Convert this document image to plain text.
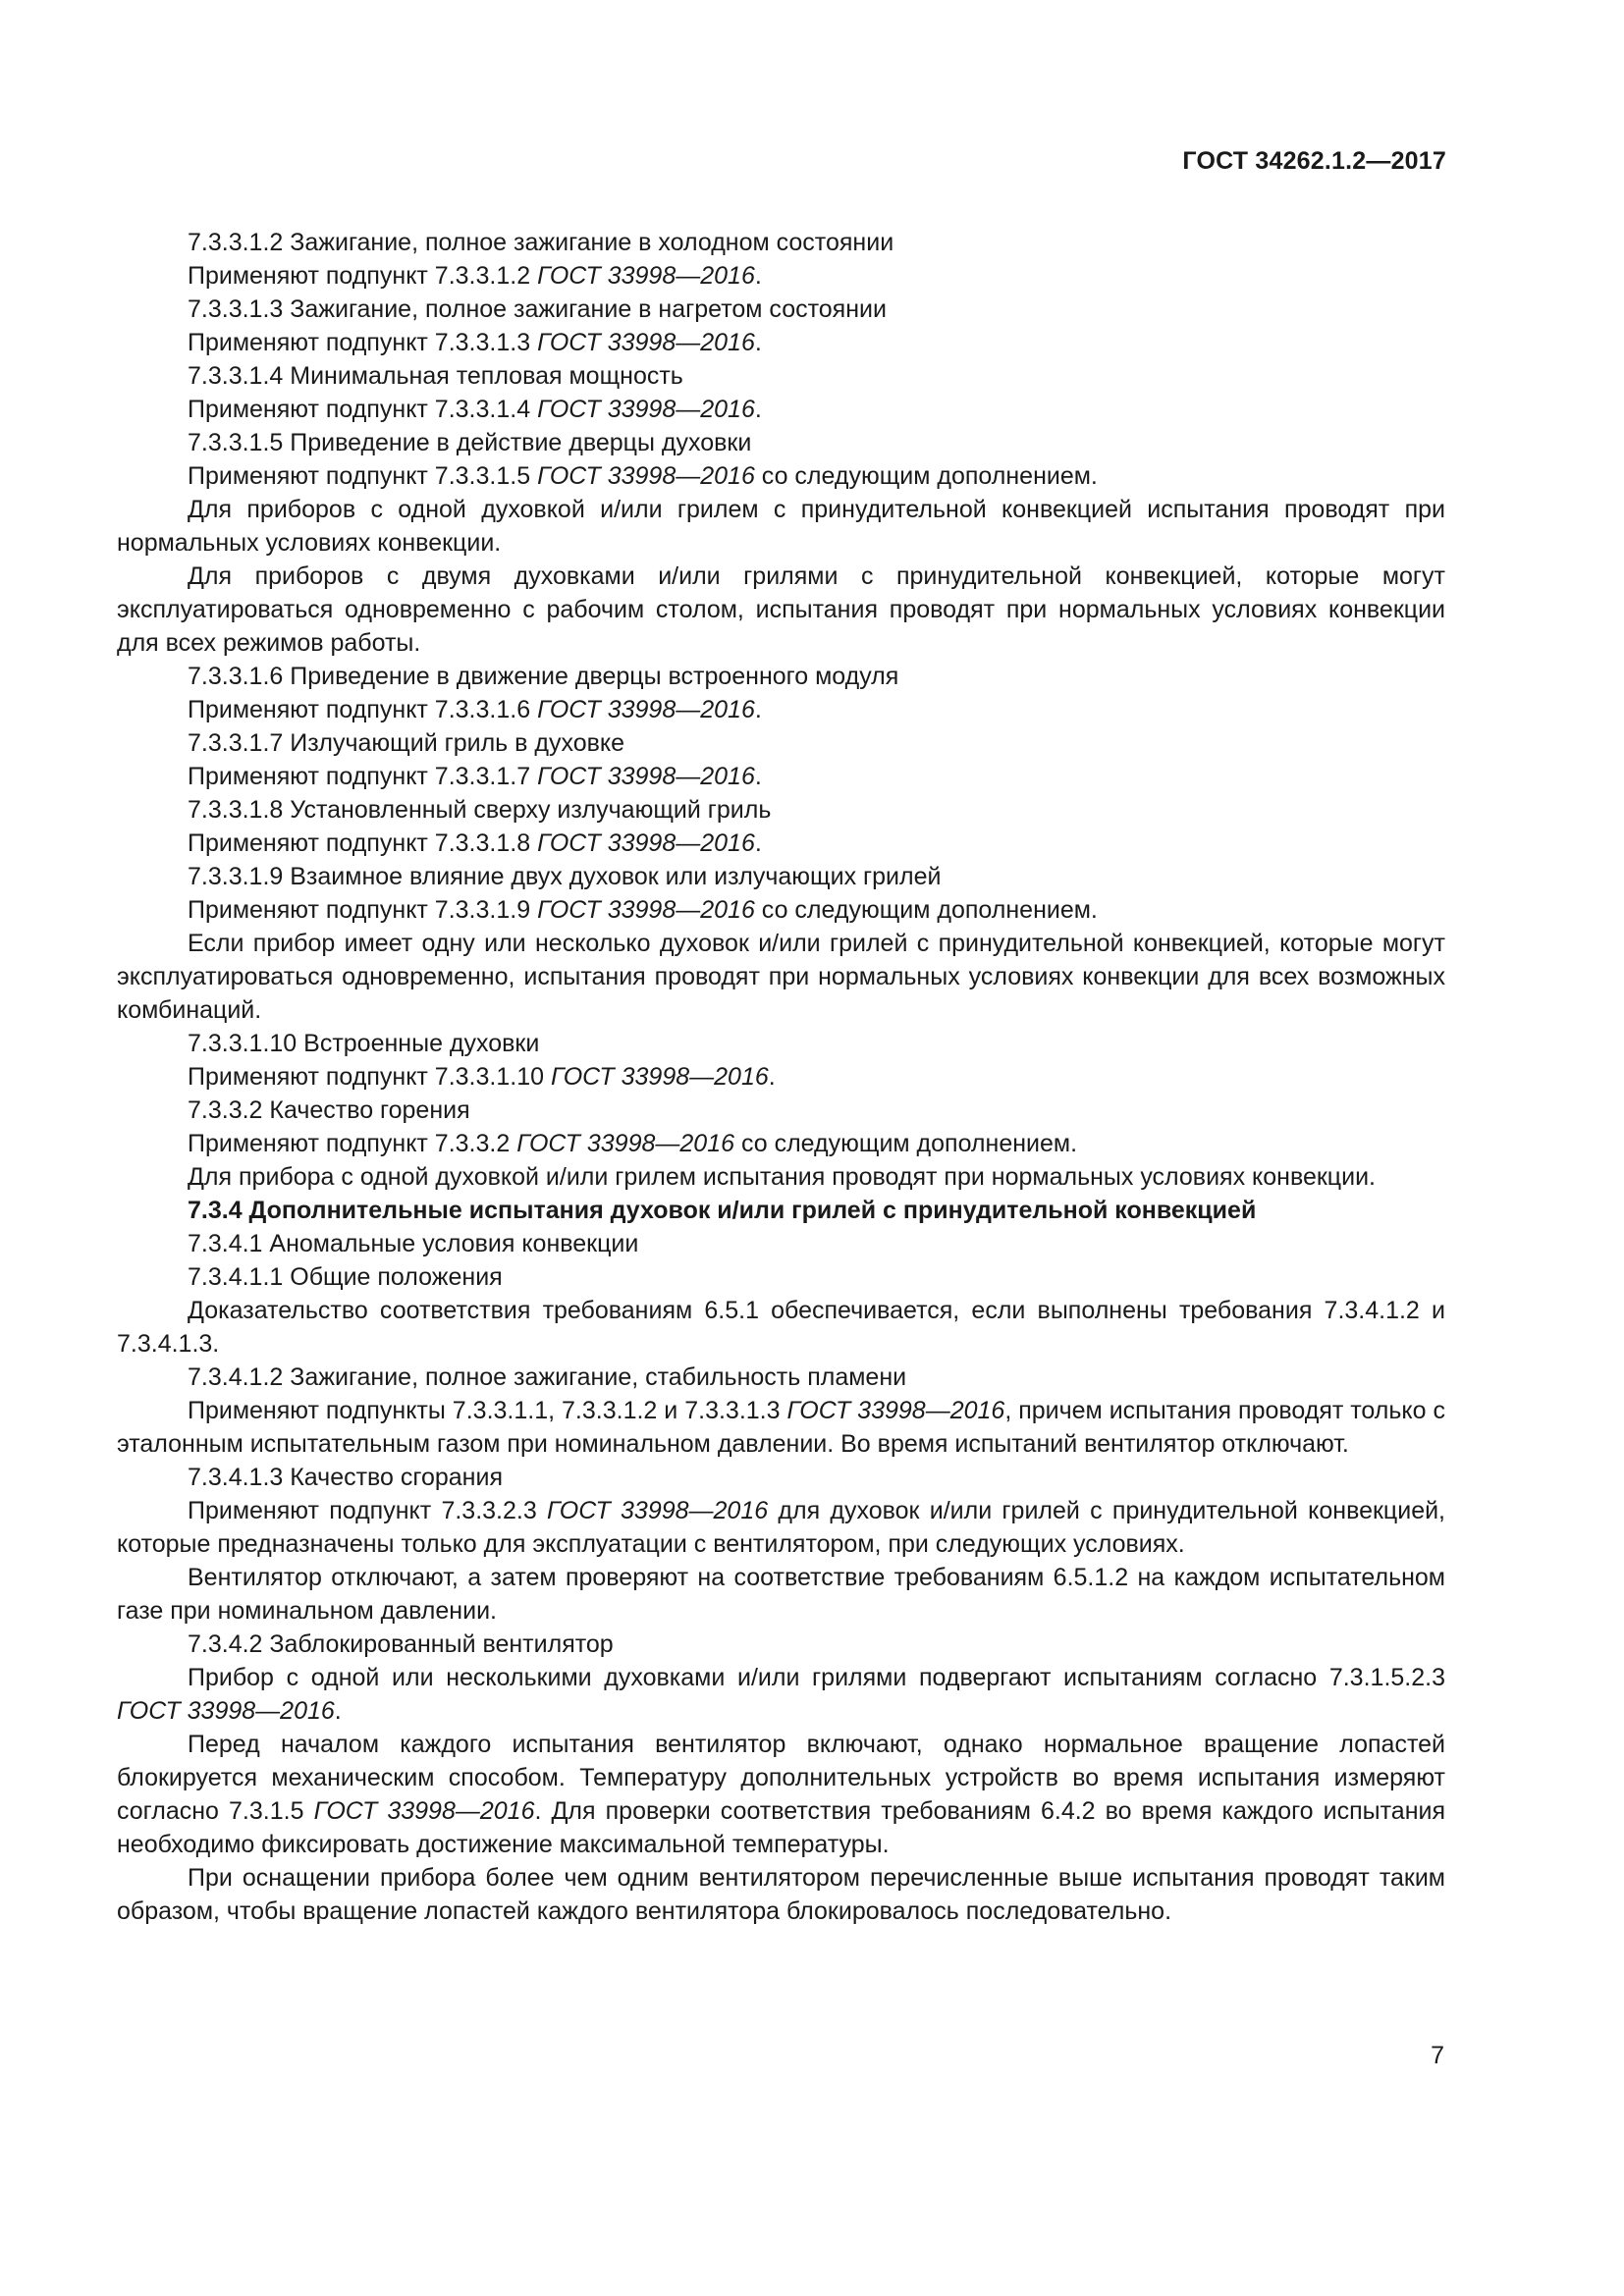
ГОСТ 34262.1.2—2017

7.3.3.1.2 Зажигание, полное зажигание в холодном состоянии

Применяют подпункт 7.3.3.1.2 ГОСТ 33998—2016.

7.3.3.1.3 Зажигание, полное зажигание в нагретом состоянии

Применяют подпункт 7.3.3.1.3 ГОСТ 33998—2016.

7.3.3.1.4 Минимальная тепловая мощность

Применяют подпункт 7.3.3.1.4 ГОСТ 33998—2016.

7.3.3.1.5 Приведение в действие дверцы духовки

Применяют подпункт 7.3.3.1.5 ГОСТ 33998—2016 со следующим дополнением.

Для приборов с одной духовкой и/или грилем с принудительной конвекцией испытания проводят при нормальных условиях конвекции.

Для приборов с двумя духовками и/или грилями с принудительной конвекцией, которые могут эксплуатироваться одновременно с рабочим столом, испытания проводят при нормальных условиях конвекции для всех режимов работы.

7.3.3.1.6 Приведение в движение дверцы встроенного модуля

Применяют подпункт 7.3.3.1.6 ГОСТ 33998—2016.

7.3.3.1.7 Излучающий гриль в духовке

Применяют подпункт 7.3.3.1.7 ГОСТ 33998—2016.

7.3.3.1.8 Установленный сверху излучающий гриль

Применяют подпункт 7.3.3.1.8 ГОСТ 33998—2016.

7.3.3.1.9 Взаимное влияние двух духовок или излучающих грилей

Применяют подпункт 7.3.3.1.9 ГОСТ 33998—2016 со следующим дополнением.

Если прибор имеет одну или несколько духовок и/или грилей с принудительной конвекцией, которые могут эксплуатироваться одновременно, испытания проводят при нормальных условиях конвекции для всех возможных комбинаций.

7.3.3.1.10 Встроенные духовки

Применяют подпункт 7.3.3.1.10 ГОСТ 33998—2016.

7.3.3.2 Качество горения

Применяют подпункт 7.3.3.2 ГОСТ 33998—2016 со следующим дополнением.

Для прибора с одной духовкой и/или грилем испытания проводят при нормальных условиях конвекции.

7.3.4 Дополнительные испытания духовок и/или грилей с принудительной конвекцией

7.3.4.1 Аномальные условия конвекции

7.3.4.1.1 Общие положения

Доказательство соответствия требованиям 6.5.1 обеспечивается, если выполнены требования 7.3.4.1.2 и 7.3.4.1.3.

7.3.4.1.2 Зажигание, полное зажигание, стабильность пламени

Применяют подпункты 7.3.3.1.1, 7.3.3.1.2 и 7.3.3.1.3 ГОСТ 33998—2016, причем испытания проводят только с эталонным испытательным газом при номинальном давлении. Во время испытаний вентилятор отключают.

7.3.4.1.3 Качество сгорания

Применяют подпункт 7.3.3.2.3 ГОСТ 33998—2016 для духовок и/или грилей с принудительной конвекцией, которые предназначены только для эксплуатации с вентилятором, при следующих условиях.

Вентилятор отключают, а затем проверяют на соответствие требованиям 6.5.1.2 на каждом испытательном газе при номинальном давлении.

7.3.4.2 Заблокированный вентилятор

Прибор с одной или несколькими духовками и/или грилями подвергают испытаниям согласно 7.3.1.5.2.3 ГОСТ 33998—2016.

Перед началом каждого испытания вентилятор включают, однако нормальное вращение лопастей блокируется механическим способом. Температуру дополнительных устройств во время испытания измеряют согласно 7.3.1.5 ГОСТ 33998—2016. Для проверки соответствия требованиям 6.4.2 во время каждого испытания необходимо фиксировать достижение максимальной температуры.

При оснащении прибора более чем одним вентилятором перечисленные выше испытания проводят таким образом, чтобы вращение лопастей каждого вентилятора блокировалось последовательно.

7
